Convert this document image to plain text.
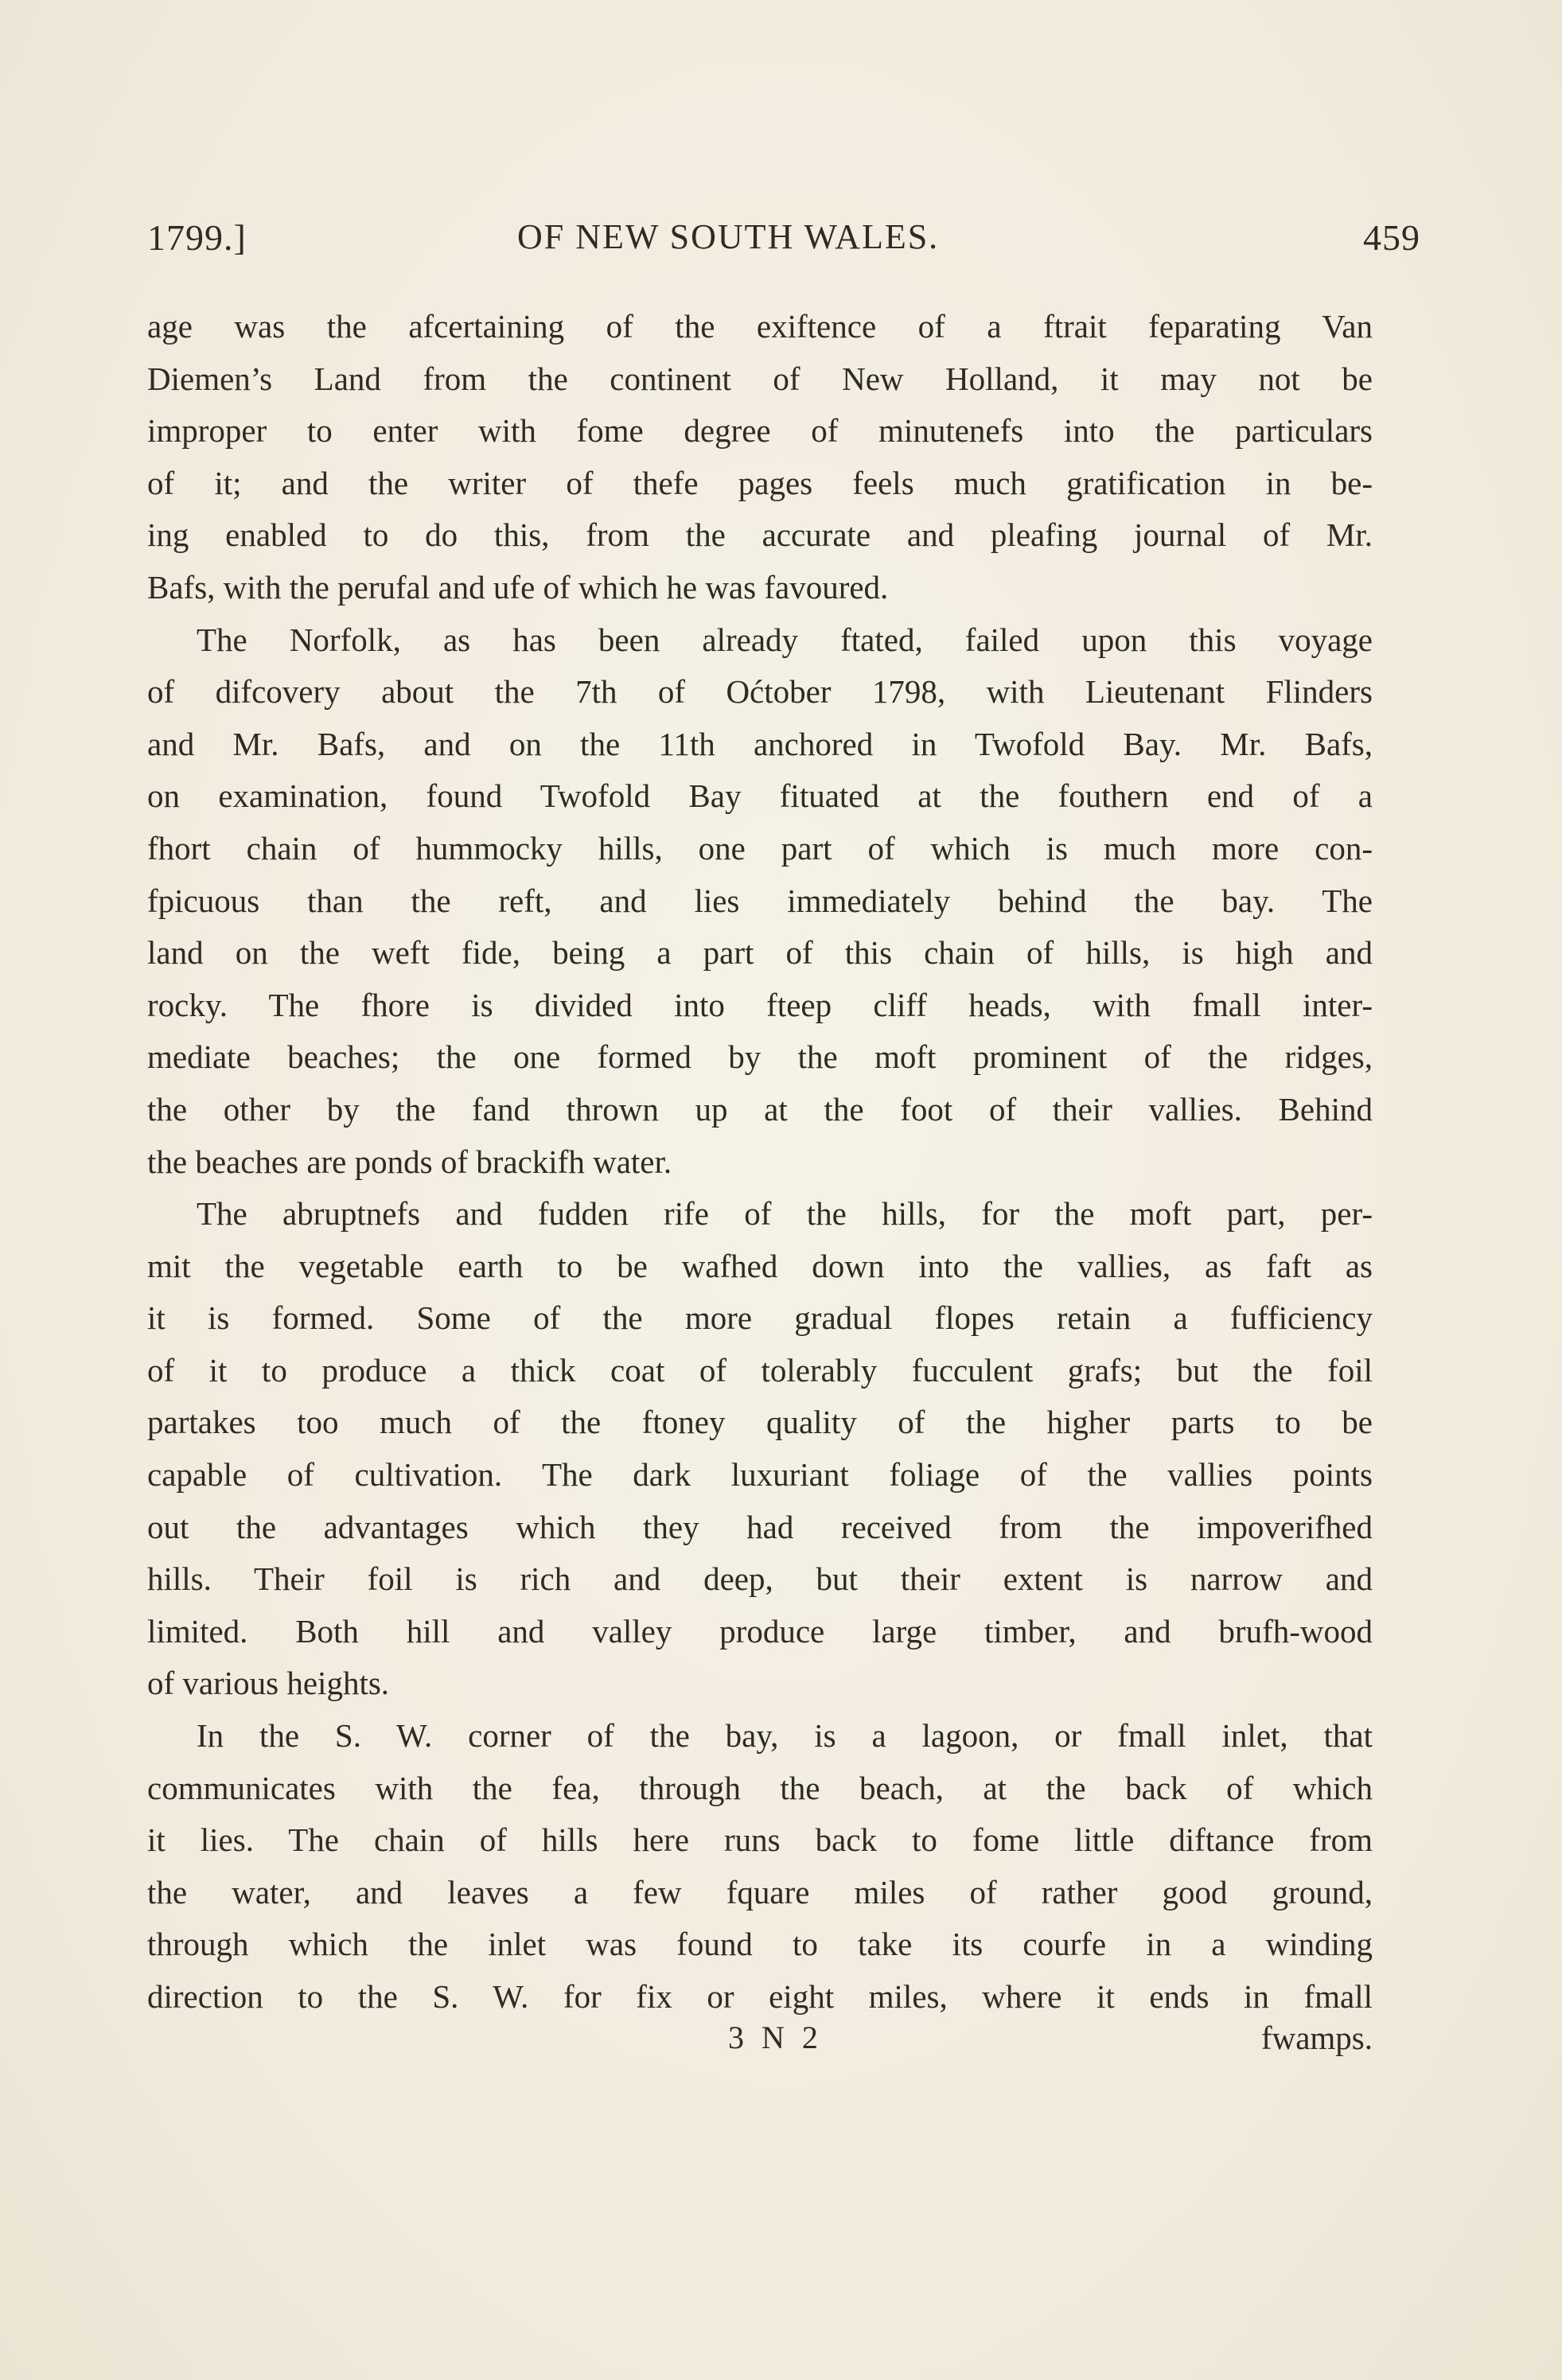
1799.]	OF NEW SOUTH WALES.	459
age was the afcertaining of the exiftence of a ftrait feparating Van
Diemen’s Land from the continent of New Holland, it may not be
improper to enter with fome degree of minutenefs into the particulars
of it; and the writer of thefe pages feels much gratification in be-
ing enabled to do this, from the accurate and pleafing journal of Mr.
Bafs, with the perufal and ufe of which he was favoured.
The Norfolk, as has been already ftated, failed upon this voyage
of difcovery about the 7th of Oćtober 1798, with Lieutenant Flinders
and Mr. Bafs, and on the 11th anchored in Twofold Bay. Mr. Bafs,
on examination, found Twofold Bay fituated at the fouthern end of a
fhort chain of hummocky hills, one part of which is much more con-
fpicuous than the reft, and lies immediately behind the bay. The
land on the weft fide, being a part of this chain of hills, is high and
rocky. The fhore is divided into fteep cliff heads, with fmall inter-
mediate beaches; the one formed by the moft prominent of the ridges,
the other by the fand thrown up at the foot of their vallies. Behind
the beaches are ponds of brackifh water.
The abruptnefs and fudden rife of the hills, for the moft part, per-
mit the vegetable earth to be wafhed down into the vallies, as faft as
it is formed. Some of the more gradual flopes retain a fufficiency
of it to produce a thick coat of tolerably fucculent grafs; but the foil
partakes too much of the ftoney quality of the higher parts to be
capable of cultivation. The dark luxuriant foliage of the vallies points
out the advantages which they had received from the impoverifhed
hills. Their foil is rich and deep, but their extent is narrow and
limited. Both hill and valley produce large timber, and brufh-wood
of various heights.
In the S. W. corner of the bay, is a lagoon, or fmall inlet, that
communicates with the fea, through the beach, at the back of which
it lies. The chain of hills here runs back to fome little diftance from
the water, and leaves a few fquare miles of rather good ground,
through which the inlet was found to take its courfe in a winding
direction to the S. W. for fix or eight miles, where it ends in fmall
3 N 2	fwamps.
